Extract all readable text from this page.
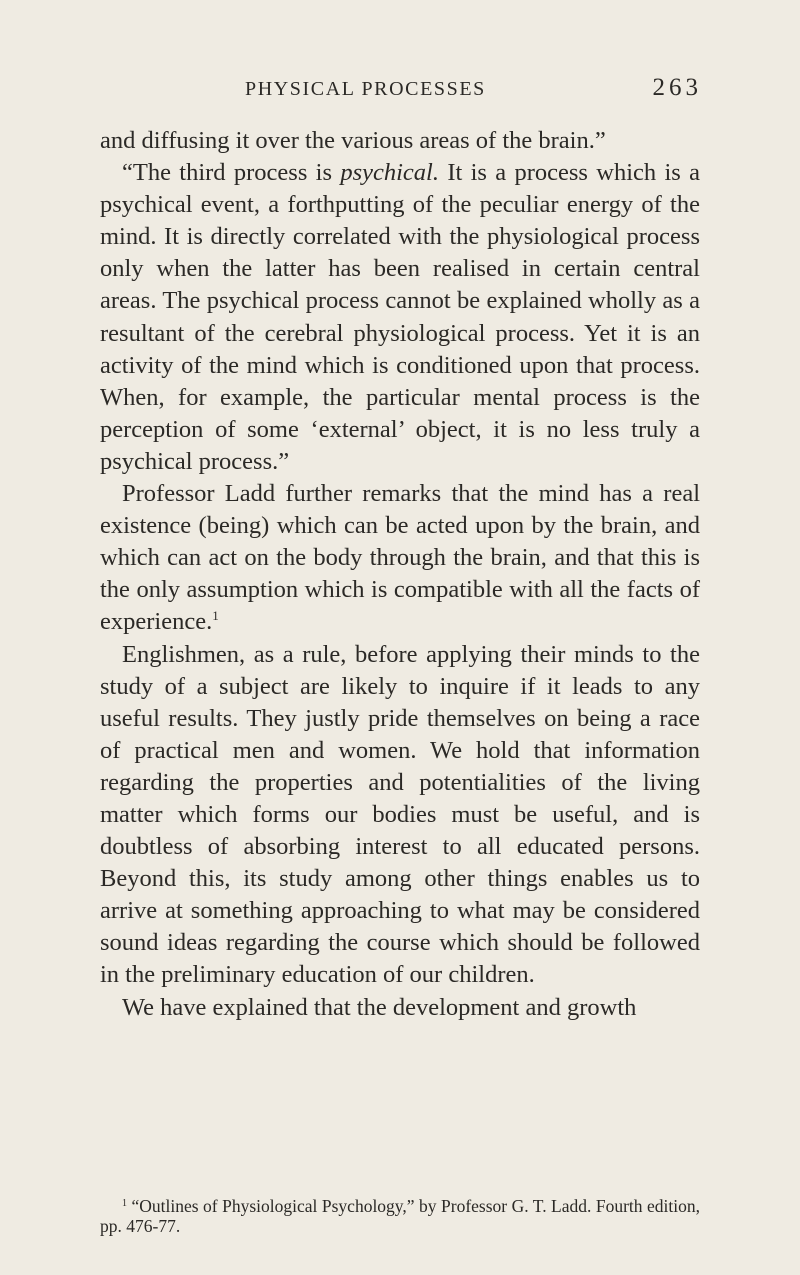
PHYSICAL PROCESSES	263

and diffusing it over the various areas of the brain.”

“The third process is psychical. It is a process which is a psychical event, a forthputting of the peculiar energy of the mind. It is directly correlated with the physiological process only when the latter has been realised in certain central areas. The psychical process cannot be explained wholly as a resultant of the cerebral physiological process. Yet it is an activity of the mind which is conditioned upon that process. When, for example, the particular mental process is the perception of some ‘external’ object, it is no less truly a psychical process.”

Professor Ladd further remarks that the mind has a real existence (being) which can be acted upon by the brain, and which can act on the body through the brain, and that this is the only assumption which is compatible with all the facts of experience.$^1$

Englishmen, as a rule, before applying their minds to the study of a subject are likely to inquire if it leads to any useful results. They justly pride themselves on being a race of practical men and women. We hold that information regarding the properties and potentialities of the living matter which forms our bodies must be useful, and is doubtless of absorbing interest to all educated persons. Beyond this, its study among other things enables us to arrive at something approaching to what may be considered sound ideas regarding the course which should be followed in the preliminary education of our children.

We have explained that the development and growth

$^1$ “Outlines of Physiological Psychology,” by Professor G. T. Ladd. Fourth edition, pp. 476-77.
